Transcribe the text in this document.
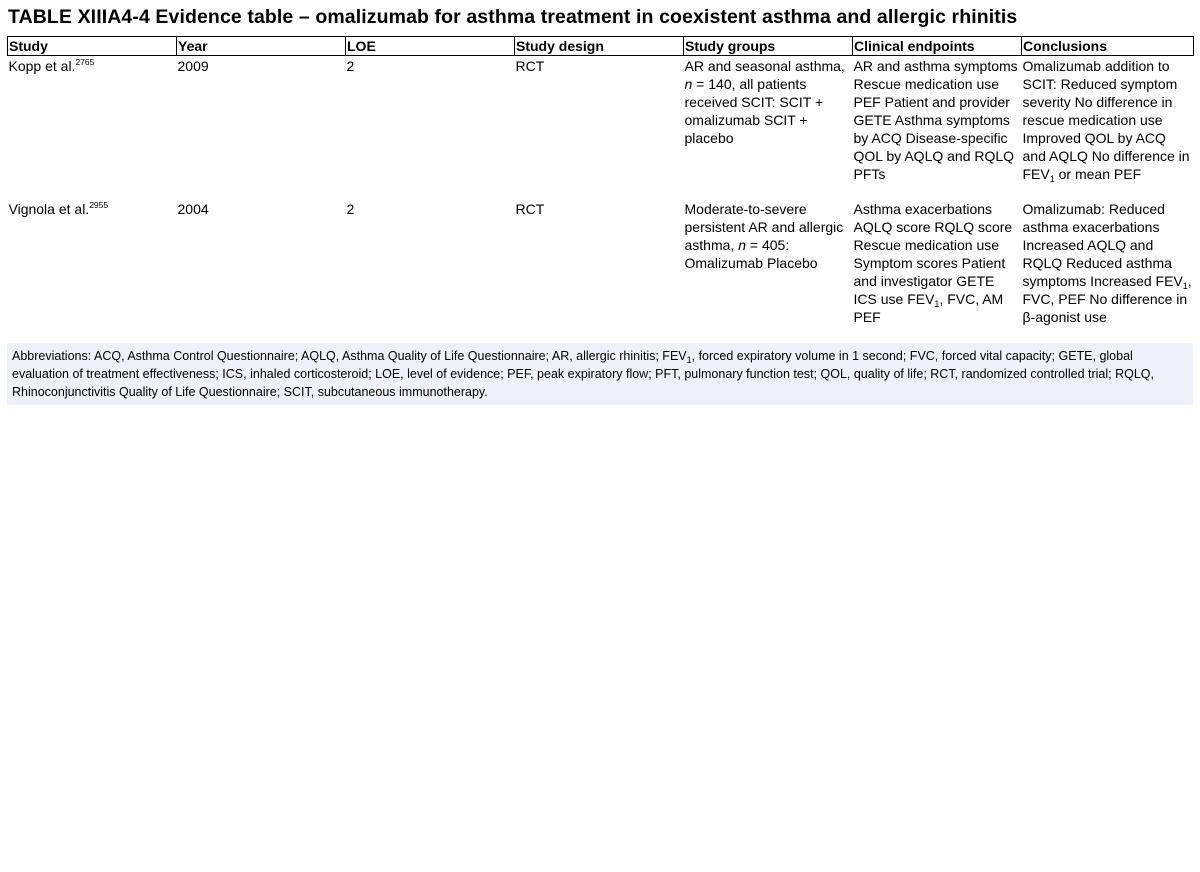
TABLE XIIIA4-4 Evidence table – omalizumab for asthma treatment in coexistent asthma and allergic rhinitis
Study	Year	LOE	Study design	Study groups	Clinical endpoints	Conclusions
Kopp et al.$^{2765}$	2009	2	RCT	AR and seasonal asthma, n = 140, all patients received SCIT: SCIT + omalizumab SCIT + placebo	AR and asthma symptoms Rescue medication use PEF Patient and provider GETE Asthma symptoms by ACQ Disease-specific QOL by AQLQ and RQLQ PFTs	Omalizumab addition to SCIT: Reduced symptom severity No difference in rescue medication use Improved QOL by ACQ and AQLQ No difference in $FEV_1$ or mean PEF
Vignola et al.$^{2955}$	2004	2	RCT	Moderate-to-severe persistent AR and allergic asthma, n = 405: Omalizumab Placebo	Asthma exacerbations AQLQ score RQLQ score Rescue medication use Symptom scores Patient and investigator GETE ICS use $FEV_1$, FVC, AM PEF	Omalizumab: Reduced asthma exacerbations Increased AQLQ and RQLQ Reduced asthma symptoms Increased $FEV_1$, FVC, PEF No difference in β-agonist use
Abbreviations: ACQ, Asthma Control Questionnaire; AQLQ, Asthma Quality of Life Questionnaire; AR, allergic rhinitis; $FEV_1$, forced expiratory volume in 1 second; FVC, forced vital capacity; GETE, global evaluation of treatment effectiveness; ICS, inhaled corticosteroid; LOE, level of evidence; PEF, peak expiratory flow; PFT, pulmonary function test; QOL, quality of life; RCT, randomized controlled trial; RQLQ, Rhinoconjunctivitis Quality of Life Questionnaire; SCIT, subcutaneous immunotherapy.
